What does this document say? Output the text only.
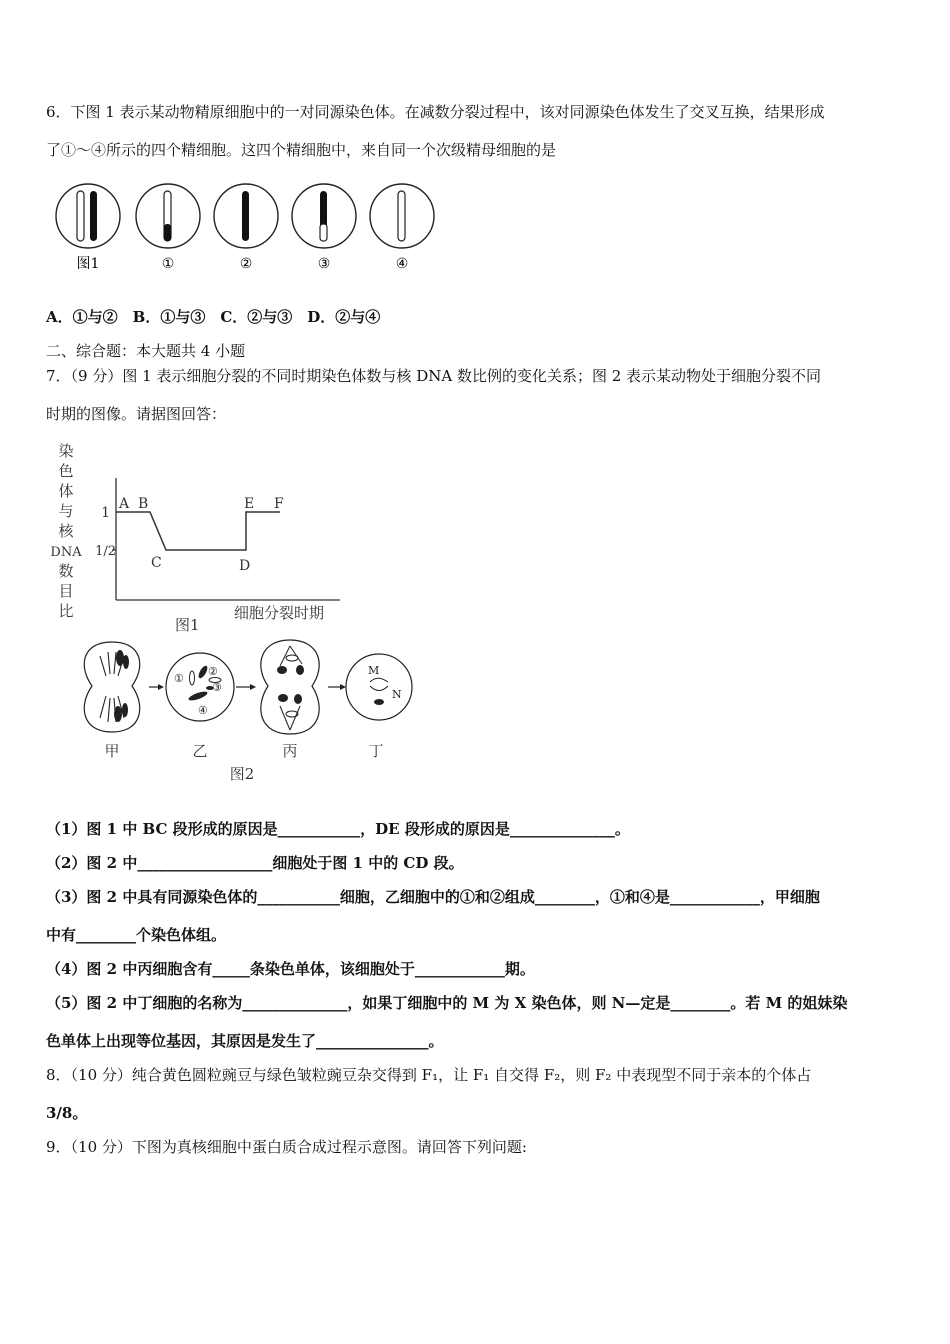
6．下图 1 表示某动物精原细胞中的一对同源染色体。在减数分裂过程中，该对同源染色体发生了交叉互换，结果形成
了①～④所示的四个精细胞。这四个精细胞中，来自同一个次级精母细胞的是
图1	①	②	③	④
A．①与②　B．①与③　C．②与③　D．②与④
二、综合题：本大题共 4 小题
7．（9 分）图 1 表示细胞分裂的不同时期染色体数与核 DNA 数比例的变化关系；图 2 表示某动物处于细胞分裂不同
时期的图像。请据图回答：
染
色
体
与
核
DNA
数
目
比
1
1/2
A B
C	D
E F
细胞分裂时期
图1
①
②
③
④
M
N
甲	乙	丙	丁
图2
（1）图 1 中 BC 段形成的原因是___________，DE 段形成的原因是______________。
（2）图 2 中__________________细胞处于图 1 中的 CD 段。
（3）图 2 中具有同源染色体的___________细胞，乙细胞中的①和②组成________，①和④是____________，甲细胞
中有________个染色体组。
（4）图 2 中丙细胞含有_____条染色单体，该细胞处于____________期。
（5）图 2 中丁细胞的名称为______________，如果丁细胞中的 M 为 X 染色体，则 N—定是________。若 M 的姐妹染
色单体上出现等位基因，其原因是发生了_______________。
8．（10 分）纯合黄色圆粒豌豆与绿色皱粒豌豆杂交得到 F₁，让 F₁ 自交得 F₂，则 F₂ 中表现型不同于亲本的个体占
3/8。
9．（10 分）下图为真核细胞中蛋白质合成过程示意图。请回答下列问题:
